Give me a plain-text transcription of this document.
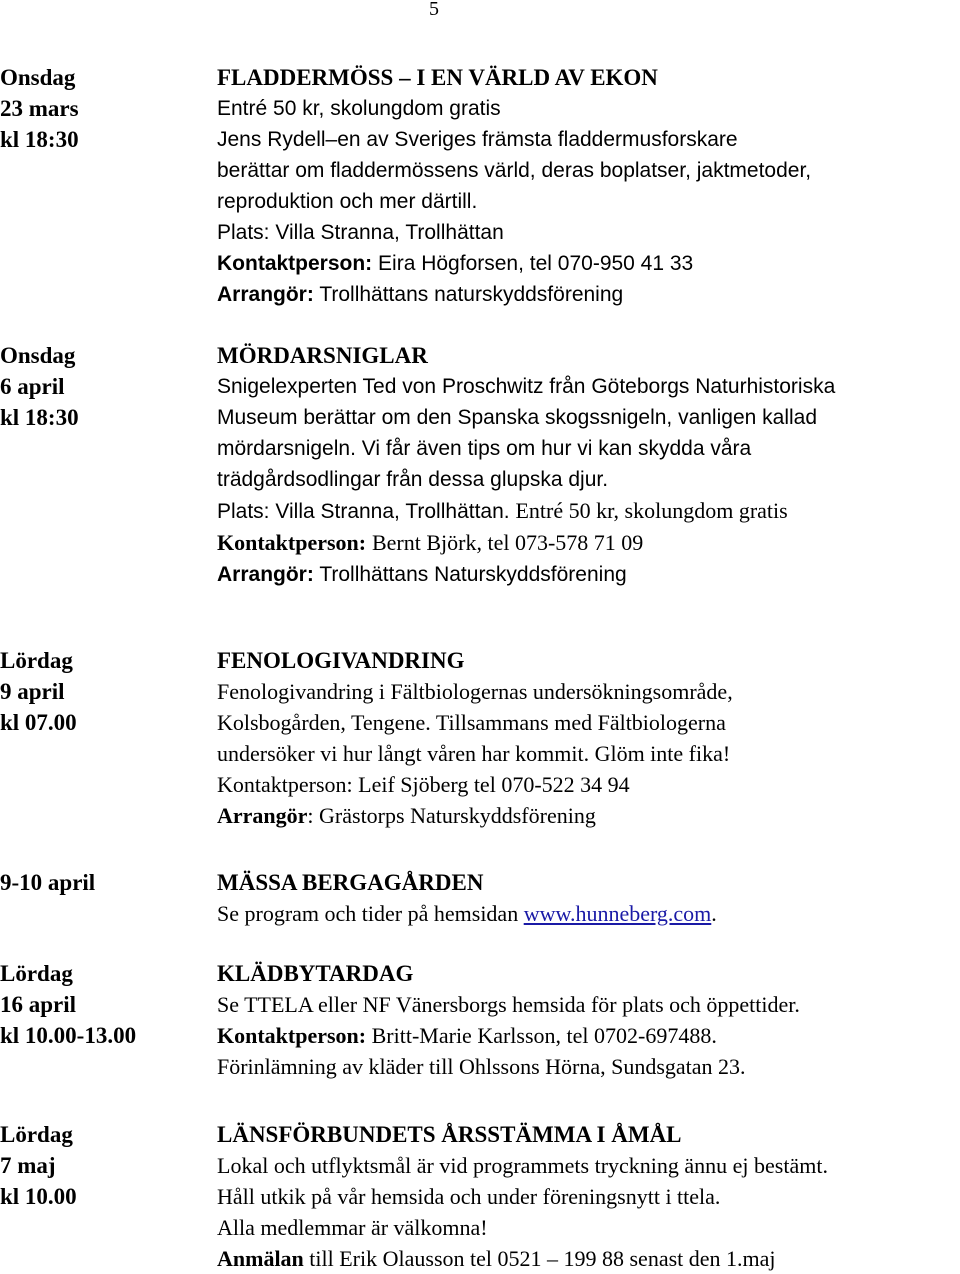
5
Onsdag
23 mars
kl 18:30
FLADDERMÖSS – I EN VÄRLD AV EKON
Entré 50 kr, skolungdom gratis
Jens Rydell–en av Sveriges främsta fladdermusforskare
berättar om fladdermössens värld, deras boplatser, jaktmetoder,
reproduktion och mer därtill.
Plats: Villa Stranna, Trollhättan
Kontaktperson: Eira Högforsen, tel 070-950 41 33
Arrangör: Trollhättans naturskyddsförening
Onsdag
6 april
kl 18:30
MÖRDARSNIGLAR
Snigelexperten Ted von Proschwitz från Göteborgs Naturhistoriska
Museum berättar om den Spanska skogssnigeln, vanligen kallad
mördarsnigeln. Vi får även tips om hur vi kan skydda våra
trädgårdsodlingar från dessa glupska djur.
Plats: Villa Stranna, Trollhättan. Entré 50 kr, skolungdom gratis
Kontaktperson: Bernt Björk, tel 073-578 71 09
Arrangör: Trollhättans Naturskyddsförening
Lördag
9 april
kl 07.00
FENOLOGIVANDRING
Fenologivandring i Fältbiologernas undersökningsområde,
Kolsbogården, Tengene. Tillsammans med Fältbiologerna
undersöker vi hur långt våren har kommit. Glöm inte fika!
Kontaktperson: Leif Sjöberg tel 070-522 34 94
Arrangör: Grästorps Naturskyddsförening
9-10 april	MÄSSA BERGAGÅRDEN
Se program och tider på hemsidan www.hunneberg.com.
Lördag
16 april
kl 10.00-13.00
KLÄDBYTARDAG
Se TTELA eller NF Vänersborgs hemsida för plats och öppettider.
Kontaktperson: Britt-Marie Karlsson, tel 0702-697488.
Förinlämning av kläder till Ohlssons Hörna, Sundsgatan 23.
Lördag
7 maj
kl 10.00
LÄNSFÖRBUNDETS ÅRSSTÄMMA I ÅMÅL
Lokal och utflyktsmål är vid programmets tryckning ännu ej bestämt.
Håll utkik på vår hemsida och under föreningsnytt i ttela.
Alla medlemmar är välkomna!
Anmälan till Erik Olausson tel 0521 – 199 88 senast den 1.maj
